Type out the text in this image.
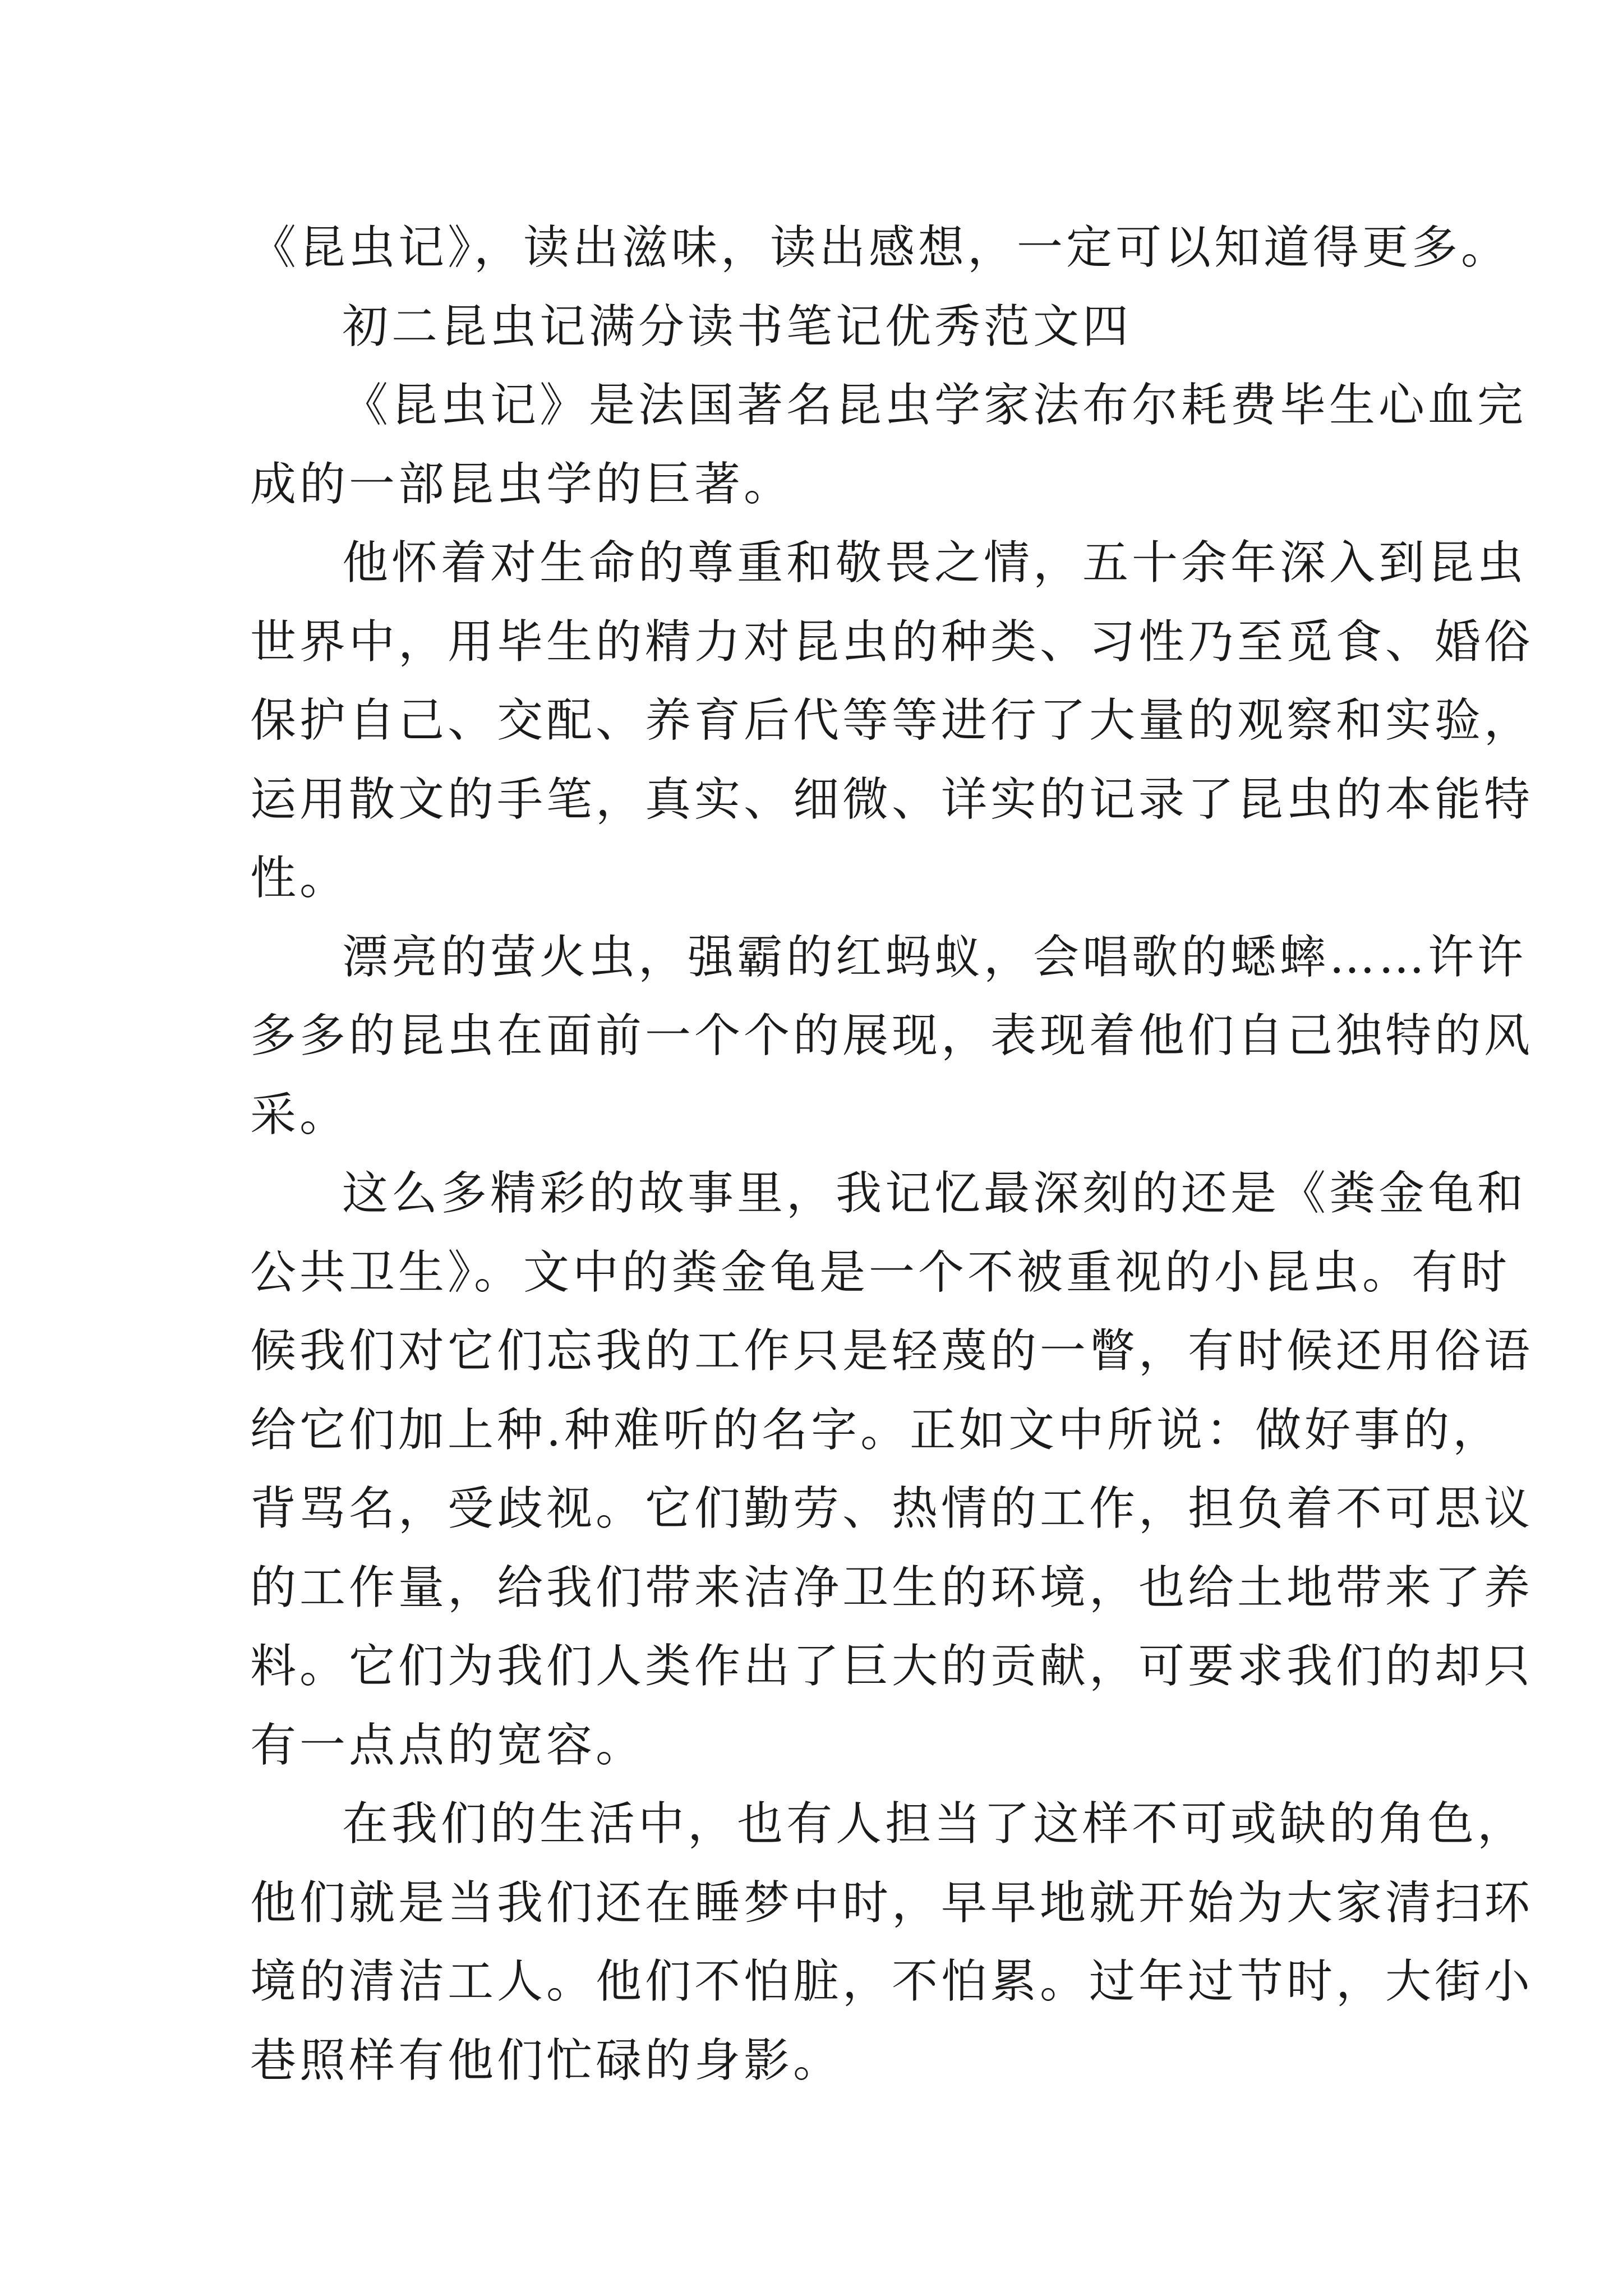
《昆虫记》，读出滋味，读出感想，一定可以知道得更多。
初二昆虫记满分读书笔记优秀范文四
《昆虫记》是法国著名昆虫学家法布尔耗费毕生心血完
成的一部昆虫学的巨著。
他怀着对生命的尊重和敬畏之情，五十余年深入到昆虫
世界中，用毕生的精力对昆虫的种类、习性乃至觅食、婚俗
保护自己、交配、养育后代等等进行了大量的观察和实验，
运用散文的手笔，真实、细微、详实的记录了昆虫的本能特
性。
漂亮的萤火虫，强霸的红蚂蚁，会唱歌的蟋蟀……许许
多多的昆虫在面前一个个的展现，表现着他们自己独特的风
采。
这么多精彩的故事里，我记忆最深刻的还是《粪金龟和
公共卫生》。文中的粪金龟是一个不被重视的小昆虫。有时
候我们对它们忘我的工作只是轻蔑的一瞥，有时候还用俗语
给它们加上种.种难听的名字。正如文中所说：做好事的，
背骂名，受歧视。它们勤劳、热情的工作，担负着不可思议
的工作量，给我们带来洁净卫生的环境，也给土地带来了养
料。它们为我们人类作出了巨大的贡献，可要求我们的却只
有一点点的宽容。
在我们的生活中，也有人担当了这样不可或缺的角色，
他们就是当我们还在睡梦中时，早早地就开始为大家清扫环
境的清洁工人。他们不怕脏，不怕累。过年过节时，大街小
巷照样有他们忙碌的身影。
